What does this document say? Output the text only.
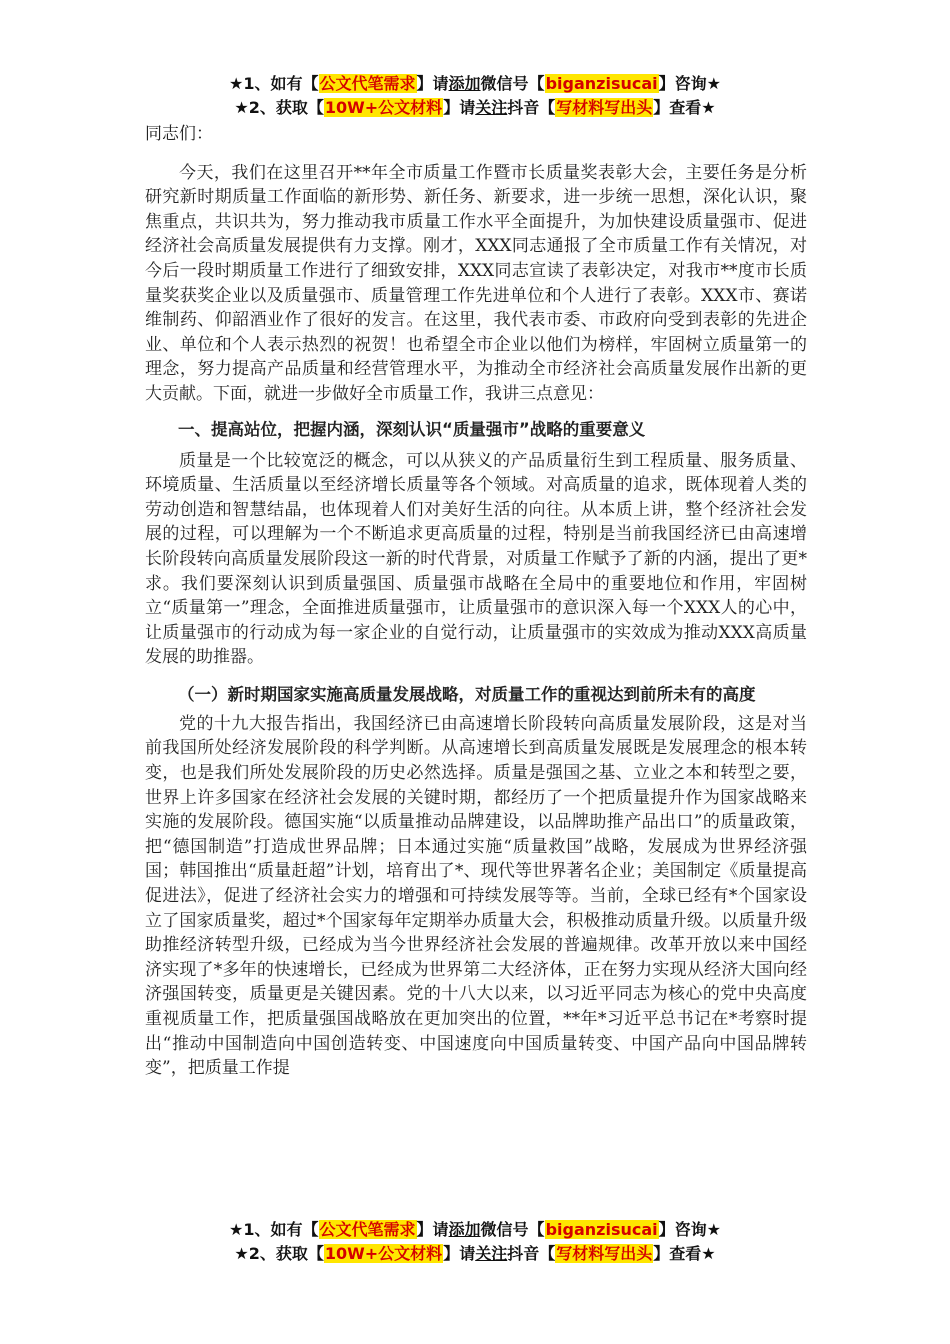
★1、如有【公文代笔需求】请添加微信号【biganzisucai】咨询★
★2、获取【10W+公文材料】请关注抖音【写材料写出头】查看★

同志们：

今天，我们在这里召开**年全市质量工作暨市长质量奖表彰大会，主要任务是分析研究新时期质量工作面临的新形势、新任务、新要求，进一步统一思想，深化认识，聚焦重点，共识共为，努力推动我市质量工作水平全面提升，为加快建设质量强市、促进经济社会高质量发展提供有力支撑。刚才，XXX同志通报了全市质量工作有关情况，对今后一段时期质量工作进行了细致安排，XXX同志宣读了表彰决定，对我市**度市长质量奖获奖企业以及质量强市、质量管理工作先进单位和个人进行了表彰。XXX市、赛诺维制药、仰韶酒业作了很好的发言。在这里，我代表市委、市政府向受到表彰的先进企业、单位和个人表示热烈的祝贺！也希望全市企业以他们为榜样，牢固树立质量第一的理念，努力提高产品质量和经营管理水平，为推动全市经济社会高质量发展作出新的更大贡献。下面，就进一步做好全市质量工作，我讲三点意见：

一、提高站位，把握内涵，深刻认识“质量强市”战略的重要意义

质量是一个比较宽泛的概念，可以从狭义的产品质量衍生到工程质量、服务质量、环境质量、生活质量以至经济增长质量等各个领域。对高质量的追求，既体现着人类的劳动创造和智慧结晶，也体现着人们对美好生活的向往。从本质上讲，整个经济社会发展的过程，可以理解为一个不断追求更高质量的过程，特别是当前我国经济已由高速增长阶段转向高质量发展阶段这一新的时代背景，对质量工作赋予了新的内涵，提出了更*求。我们要深刻认识到质量强国、质量强市战略在全局中的重要地位和作用，牢固树立“质量第一”理念，全面推进质量强市，让质量强市的意识深入每一个XXX人的心中，让质量强市的行动成为每一家企业的自觉行动，让质量强市的实效成为推动XXX高质量发展的助推器。

（一）新时期国家实施高质量发展战略，对质量工作的重视达到前所未有的高度

党的十九大报告指出，我国经济已由高速增长阶段转向高质量发展阶段，这是对当前我国所处经济发展阶段的科学判断。从高速增长到高质量发展既是发展理念的根本转变，也是我们所处发展阶段的历史必然选择。质量是强国之基、立业之本和转型之要，世界上许多国家在经济社会发展的关键时期，都经历了一个把质量提升作为国家战略来实施的发展阶段。德国实施“以质量推动品牌建设，以品牌助推产品出口”的质量政策，把“德国制造”打造成世界品牌；日本通过实施“质量救国”战略，发展成为世界经济强国；韩国推出“质量赶超”计划，培育出了*、现代等世界著名企业；美国制定《质量提高促进法》，促进了经济社会实力的增强和可持续发展等等。当前，全球已经有*个国家设立了国家质量奖，超过*个国家每年定期举办质量大会，积极推动质量升级。以质量升级助推经济转型升级，已经成为当今世界经济社会发展的普遍规律。改革开放以来中国经济实现了*多年的快速增长，已经成为世界第二大经济体，正在努力实现从经济大国向经济强国转变，质量更是关键因素。党的十八大以来，以习近平同志为核心的党中央高度重视质量工作，把质量强国战略放在更加突出的位置，**年*习近平总书记在*考察时提出“推动中国制造向中国创造转变、中国速度向中国质量转变、中国产品向中国品牌转变”，把质量工作提

★1、如有【公文代笔需求】请添加微信号【biganzisucai】咨询★
★2、获取【10W+公文材料】请关注抖音【写材料写出头】查看★
